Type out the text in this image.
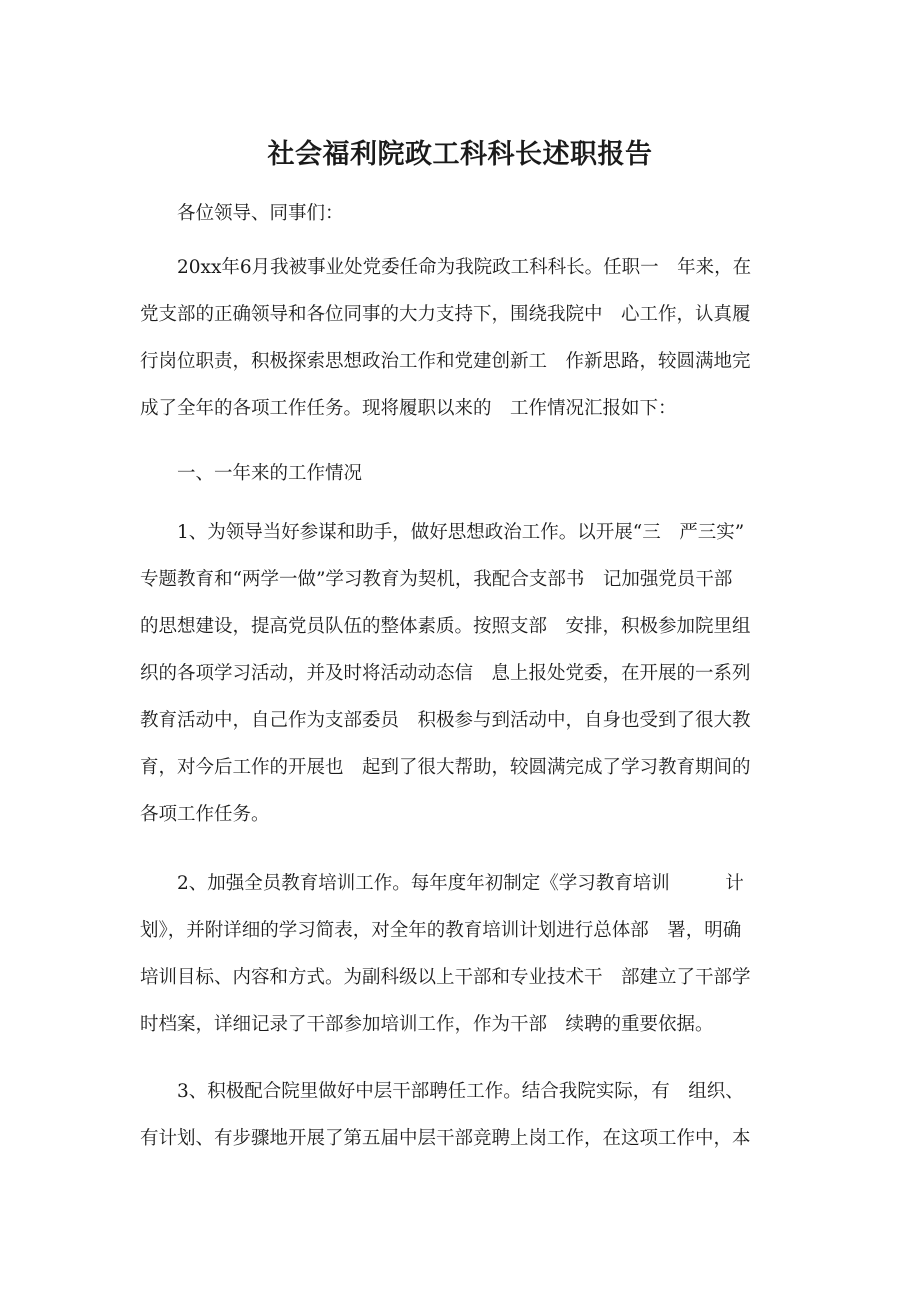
社会福利院政工科科长述职报告

各位领导、同事们：

20xx年6月我被事业处党委任命为我院政工科科长。任职一　年来，在
党支部的正确领导和各位同事的大力支持下，围绕我院中　心工作，认真履
行岗位职责，积极探索思想政治工作和党建创新工　作新思路，较圆满地完
成了全年的各项工作任务。现将履职以来的　工作情况汇报如下：

一、一年来的工作情况

1、为领导当好参谋和助手，做好思想政治工作。以开展“三　严三实”
专题教育和“两学一做”学习教育为契机，我配合支部书　记加强党员干部
的思想建设，提高党员队伍的整体素质。按照支部　安排，积极参加院里组
织的各项学习活动，并及时将活动动态信　息上报处党委，在开展的一系列
教育活动中，自己作为支部委员　积极参与到活动中，自身也受到了很大教
育，对今后工作的开展也　起到了很大帮助，较圆满完成了学习教育期间的
各项工作任务。

2、加强全员教育培训工作。每年度年初制定《学习教育培训　　　计
划》，并附详细的学习简表，对全年的教育培训计划进行总体部　署，明确
培训目标、内容和方式。为副科级以上干部和专业技术干　部建立了干部学
时档案，详细记录了干部参加培训工作，作为干部　续聘的重要依据。

3、积极配合院里做好中层干部聘任工作。结合我院实际，有　组织、
有计划、有步骤地开展了第五届中层干部竞聘上岗工作，在这项工作中，本
